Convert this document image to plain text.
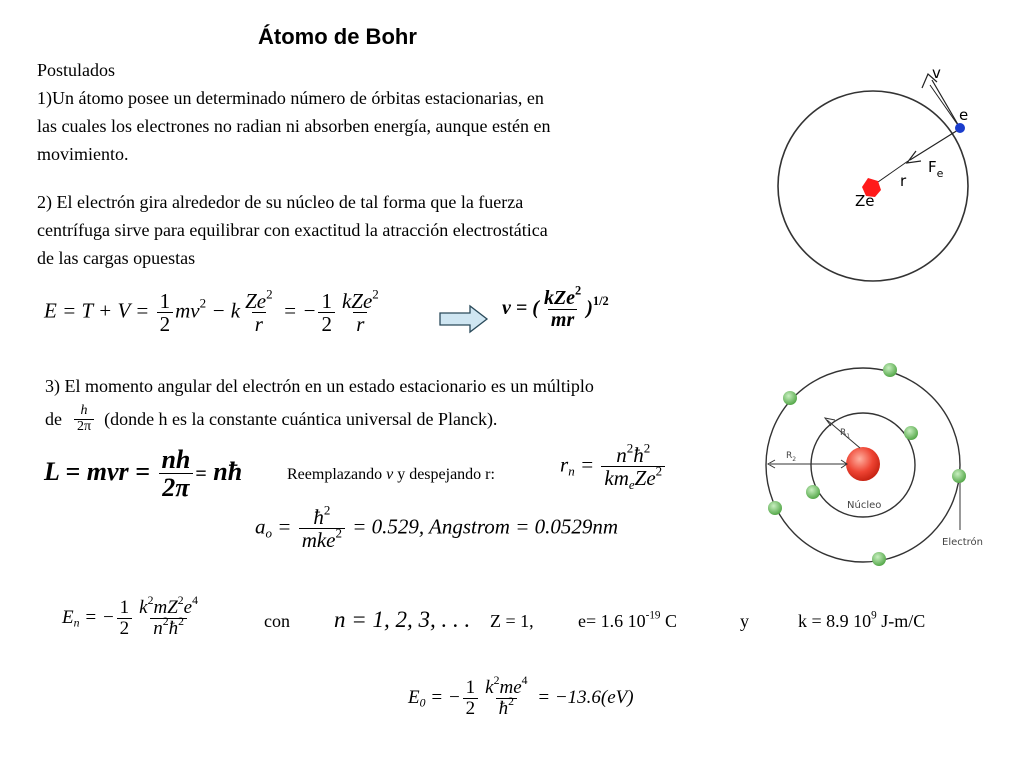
Átomo de Bohr
Postulados
1)Un átomo posee un determinado número de órbitas estacionarias, en
las cuales los electrones no radian ni absorben energía, aunque estén en
movimiento.
2) El electrón gira alrededor de su núcleo de tal forma que la fuerza
centrífuga sirve para equilibrar con exactitud la atracción electrostática
de las cargas opuestas
$E = T + V = \frac{1}{2} mv^2 - k \frac{Ze^2}{r}$ = − $\frac{1}{2} \frac{kZe^2}{r}$	v = ( $\frac{kZe^2}{mr} )^{1/2}$
v
e
$F_e$
r
Ze
3) El momento angular del electrón en un estado estacionario es un múltiplo
de $\frac{h}{2\pi}$ (donde h es la constante cuántica universal de Planck).
L = mvr = $\frac{nh}{2\pi}$ = nħ	Reemplazando v y despejando r:	$r_n = \frac{n^2ħ^2}{km_eZe^2}$
$R_1$
$R_2$
Núcleo
Electrón
$a_o = \frac{ħ^2}{mke^2} = 0.529$, Angstrom = 0.0529nm
$E_n$ = − $\frac{1}{2} \frac{k^2mZ^2e^4}{n^2ħ^2}$	con n = 1, 2, 3, . . . Z = 1, e= 1.6 $10^{-19}$ C	y	k = 8.9 $10^9$ J-m/C
$E_0$ = − $\frac{1}{2} \frac{k^2me^4}{ħ^2} = -13.6(eV)$
